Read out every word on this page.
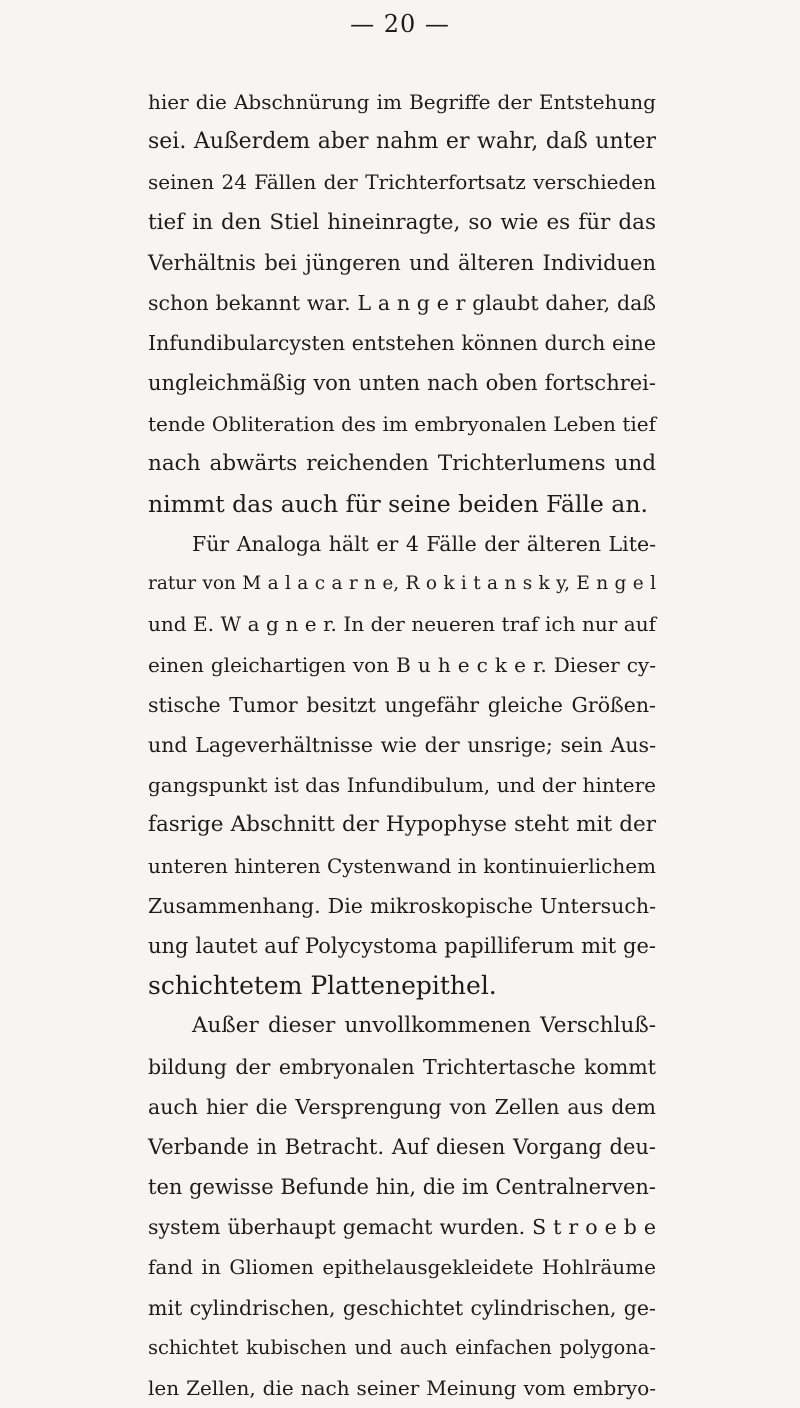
— 20 —
hier die Abschnürung im Begriffe der Entstehung
sei. Außerdem aber nahm er wahr, daß unter
seinen 24 Fällen der Trichterfortsatz verschieden
tief in den Stiel hineinragte, so wie es für das
Verhältnis bei jüngeren und älteren Individuen
schon bekannt war. L a n g e r glaubt daher, daß
Infundibularcysten entstehen können durch eine
ungleichmäßig von unten nach oben fortschrei-
tende Obliteration des im embryonalen Leben tief
nach abwärts reichenden Trichterlumens und
nimmt das auch für seine beiden Fälle an.
Für Analoga hält er 4 Fälle der älteren Lite-
ratur von M a l a c a r n e, R o k i t a n s k y, E n g e l
und E. W a g n e r. In der neueren traf ich nur auf
einen gleichartigen von B u h e c k e r. Dieser cy-
stische Tumor besitzt ungefähr gleiche Größen-
und Lageverhältnisse wie der unsrige; sein Aus-
gangspunkt ist das Infundibulum, und der hintere
fasrige Abschnitt der Hypophyse steht mit der
unteren hinteren Cystenwand in kontinuierlichem
Zusammenhang. Die mikroskopische Untersuch-
ung lautet auf Polycystoma papilliferum mit ge-
schichtetem Plattenepithel.
Außer dieser unvollkommenen Verschluß-
bildung der embryonalen Trichtertasche kommt
auch hier die Versprengung von Zellen aus dem
Verbande in Betracht. Auf diesen Vorgang deu-
ten gewisse Befunde hin, die im Centralnerven-
system überhaupt gemacht wurden. S t r o e b e
fand in Gliomen epithelausgekleidete Hohlräume
mit cylindrischen, geschichtet cylindrischen, ge-
schichtet kubischen und auch einfachen polygona-
len Zellen, die nach seiner Meinung vom embryo-
